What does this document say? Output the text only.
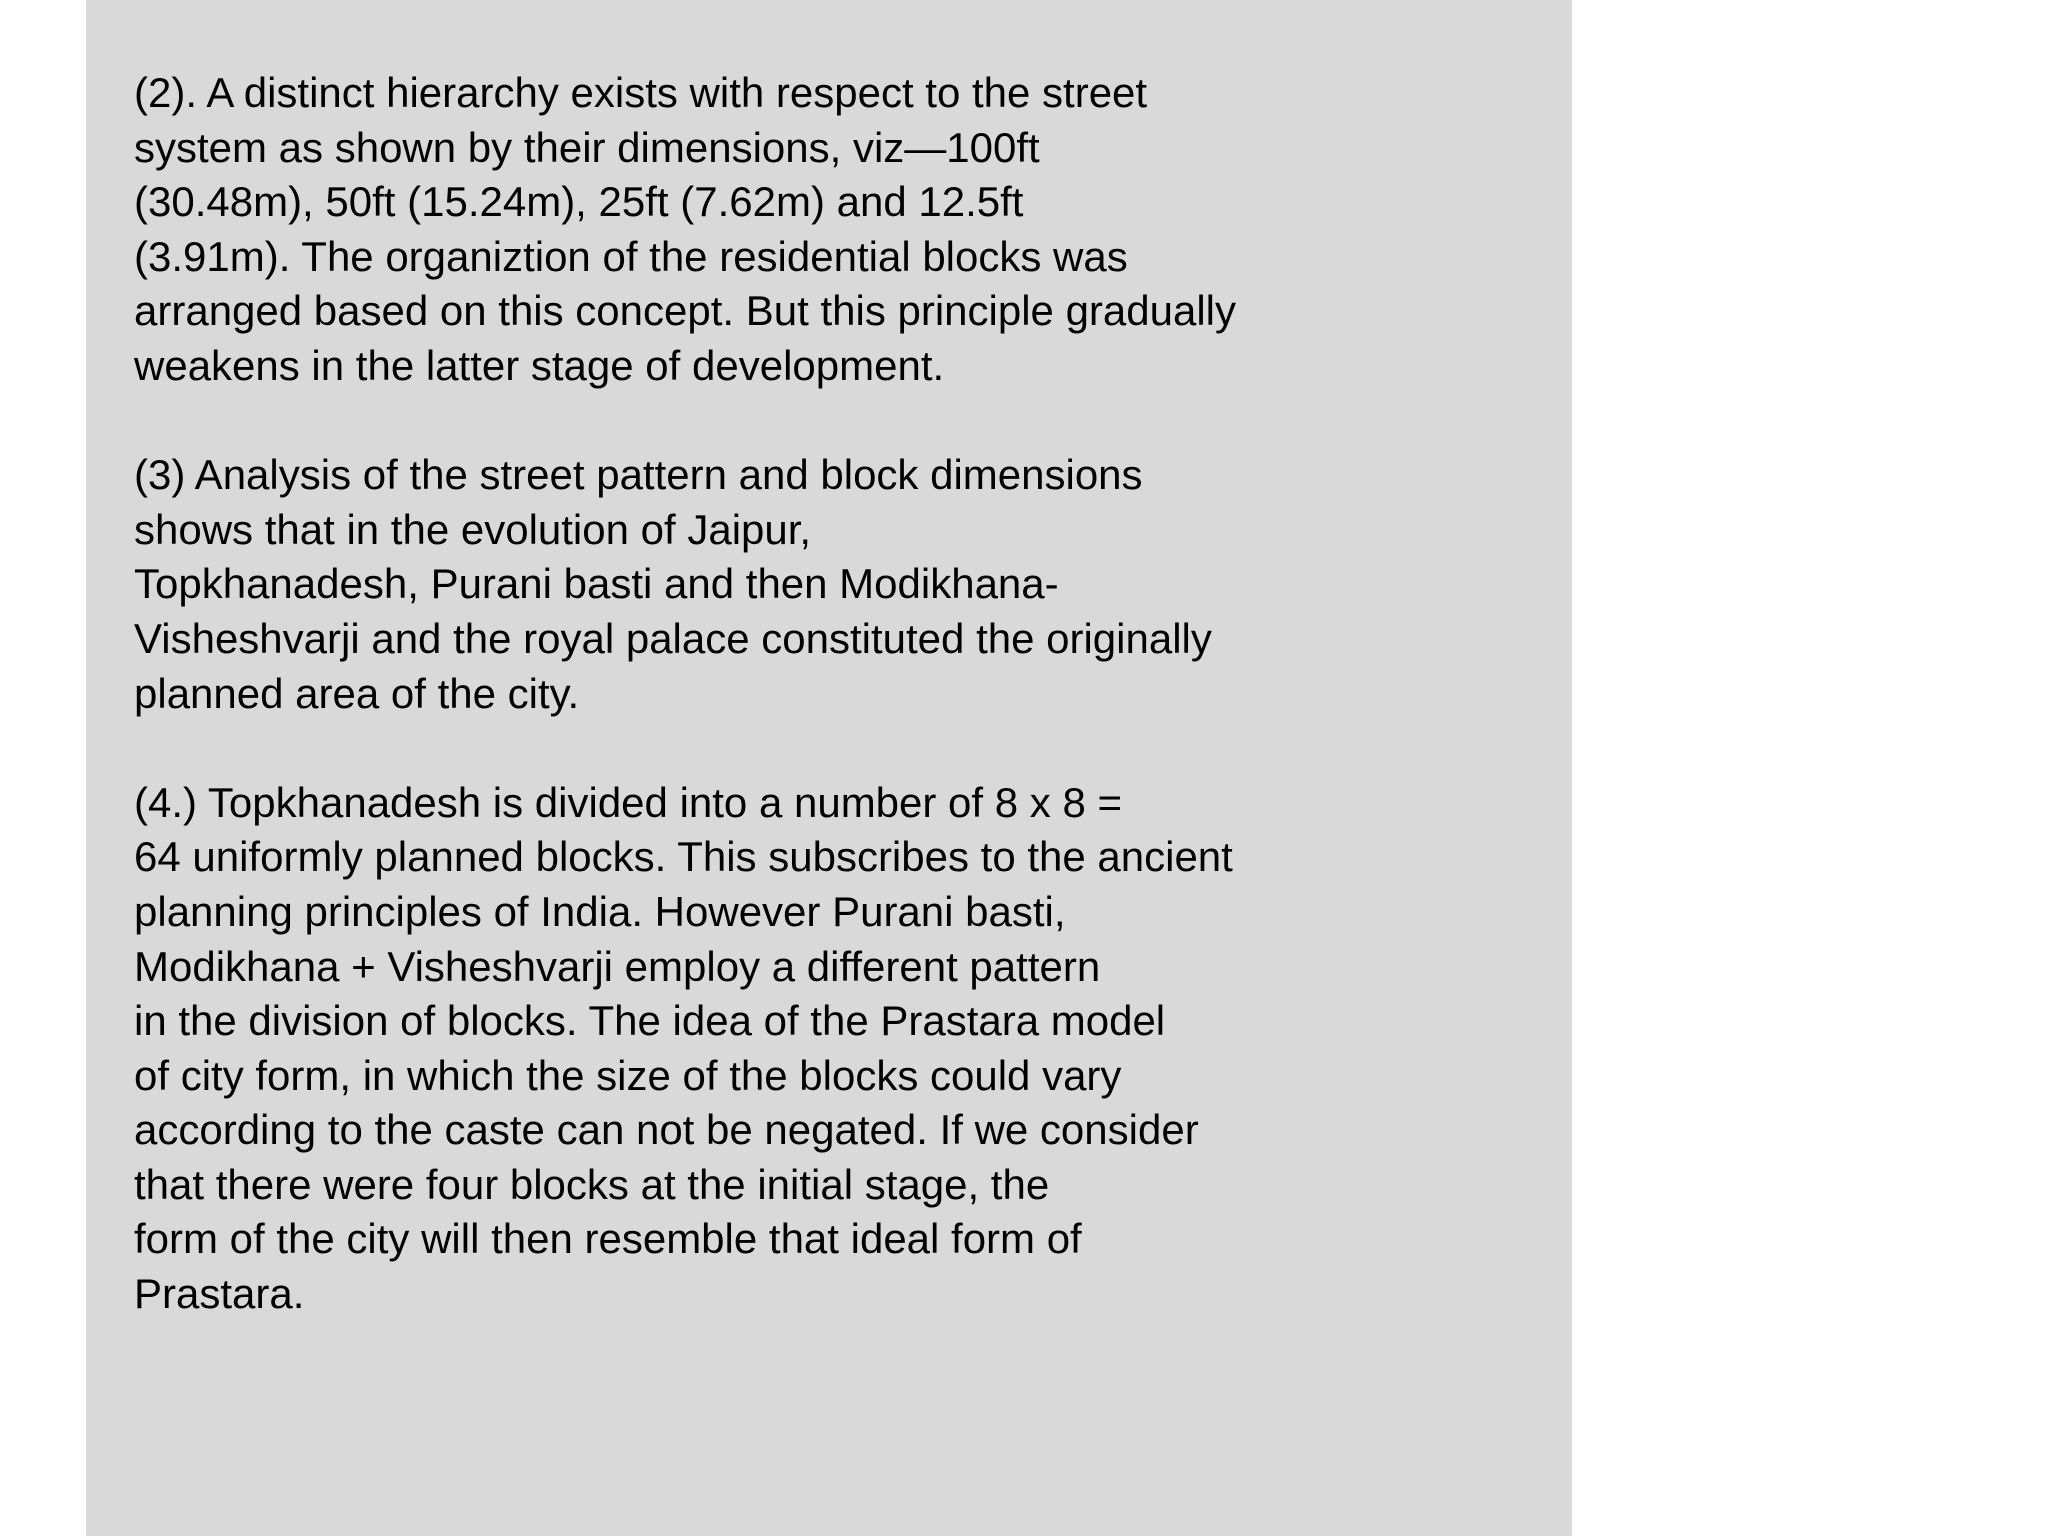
(2). A distinct hierarchy exists with respect to the street
system as shown by their dimensions, viz—100ft
(30.48m), 50ft (15.24m), 25ft (7.62m) and 12.5ft
(3.91m). The organiztion of the residential blocks was
arranged based on this concept. But this principle gradually
weakens in the latter stage of development.

(3) Analysis of the street pattern and block dimensions
shows that in the evolution of Jaipur,
Topkhanadesh, Purani basti and then Modikhana-
Visheshvarji and the royal palace constituted the originally
planned area of the city.

(4.) Topkhanadesh is divided into a number of 8 x 8 =
64 uniformly planned blocks. This subscribes to the ancient
planning principles of India. However Purani basti,
Modikhana + Visheshvarji employ a different pattern
in the division of blocks. The idea of the Prastara model
of city form, in which the size of the blocks could vary
according to the caste can not be negated. If we consider
that there were four blocks at the initial stage, the
form of the city will then resemble that ideal form of
Prastara.
